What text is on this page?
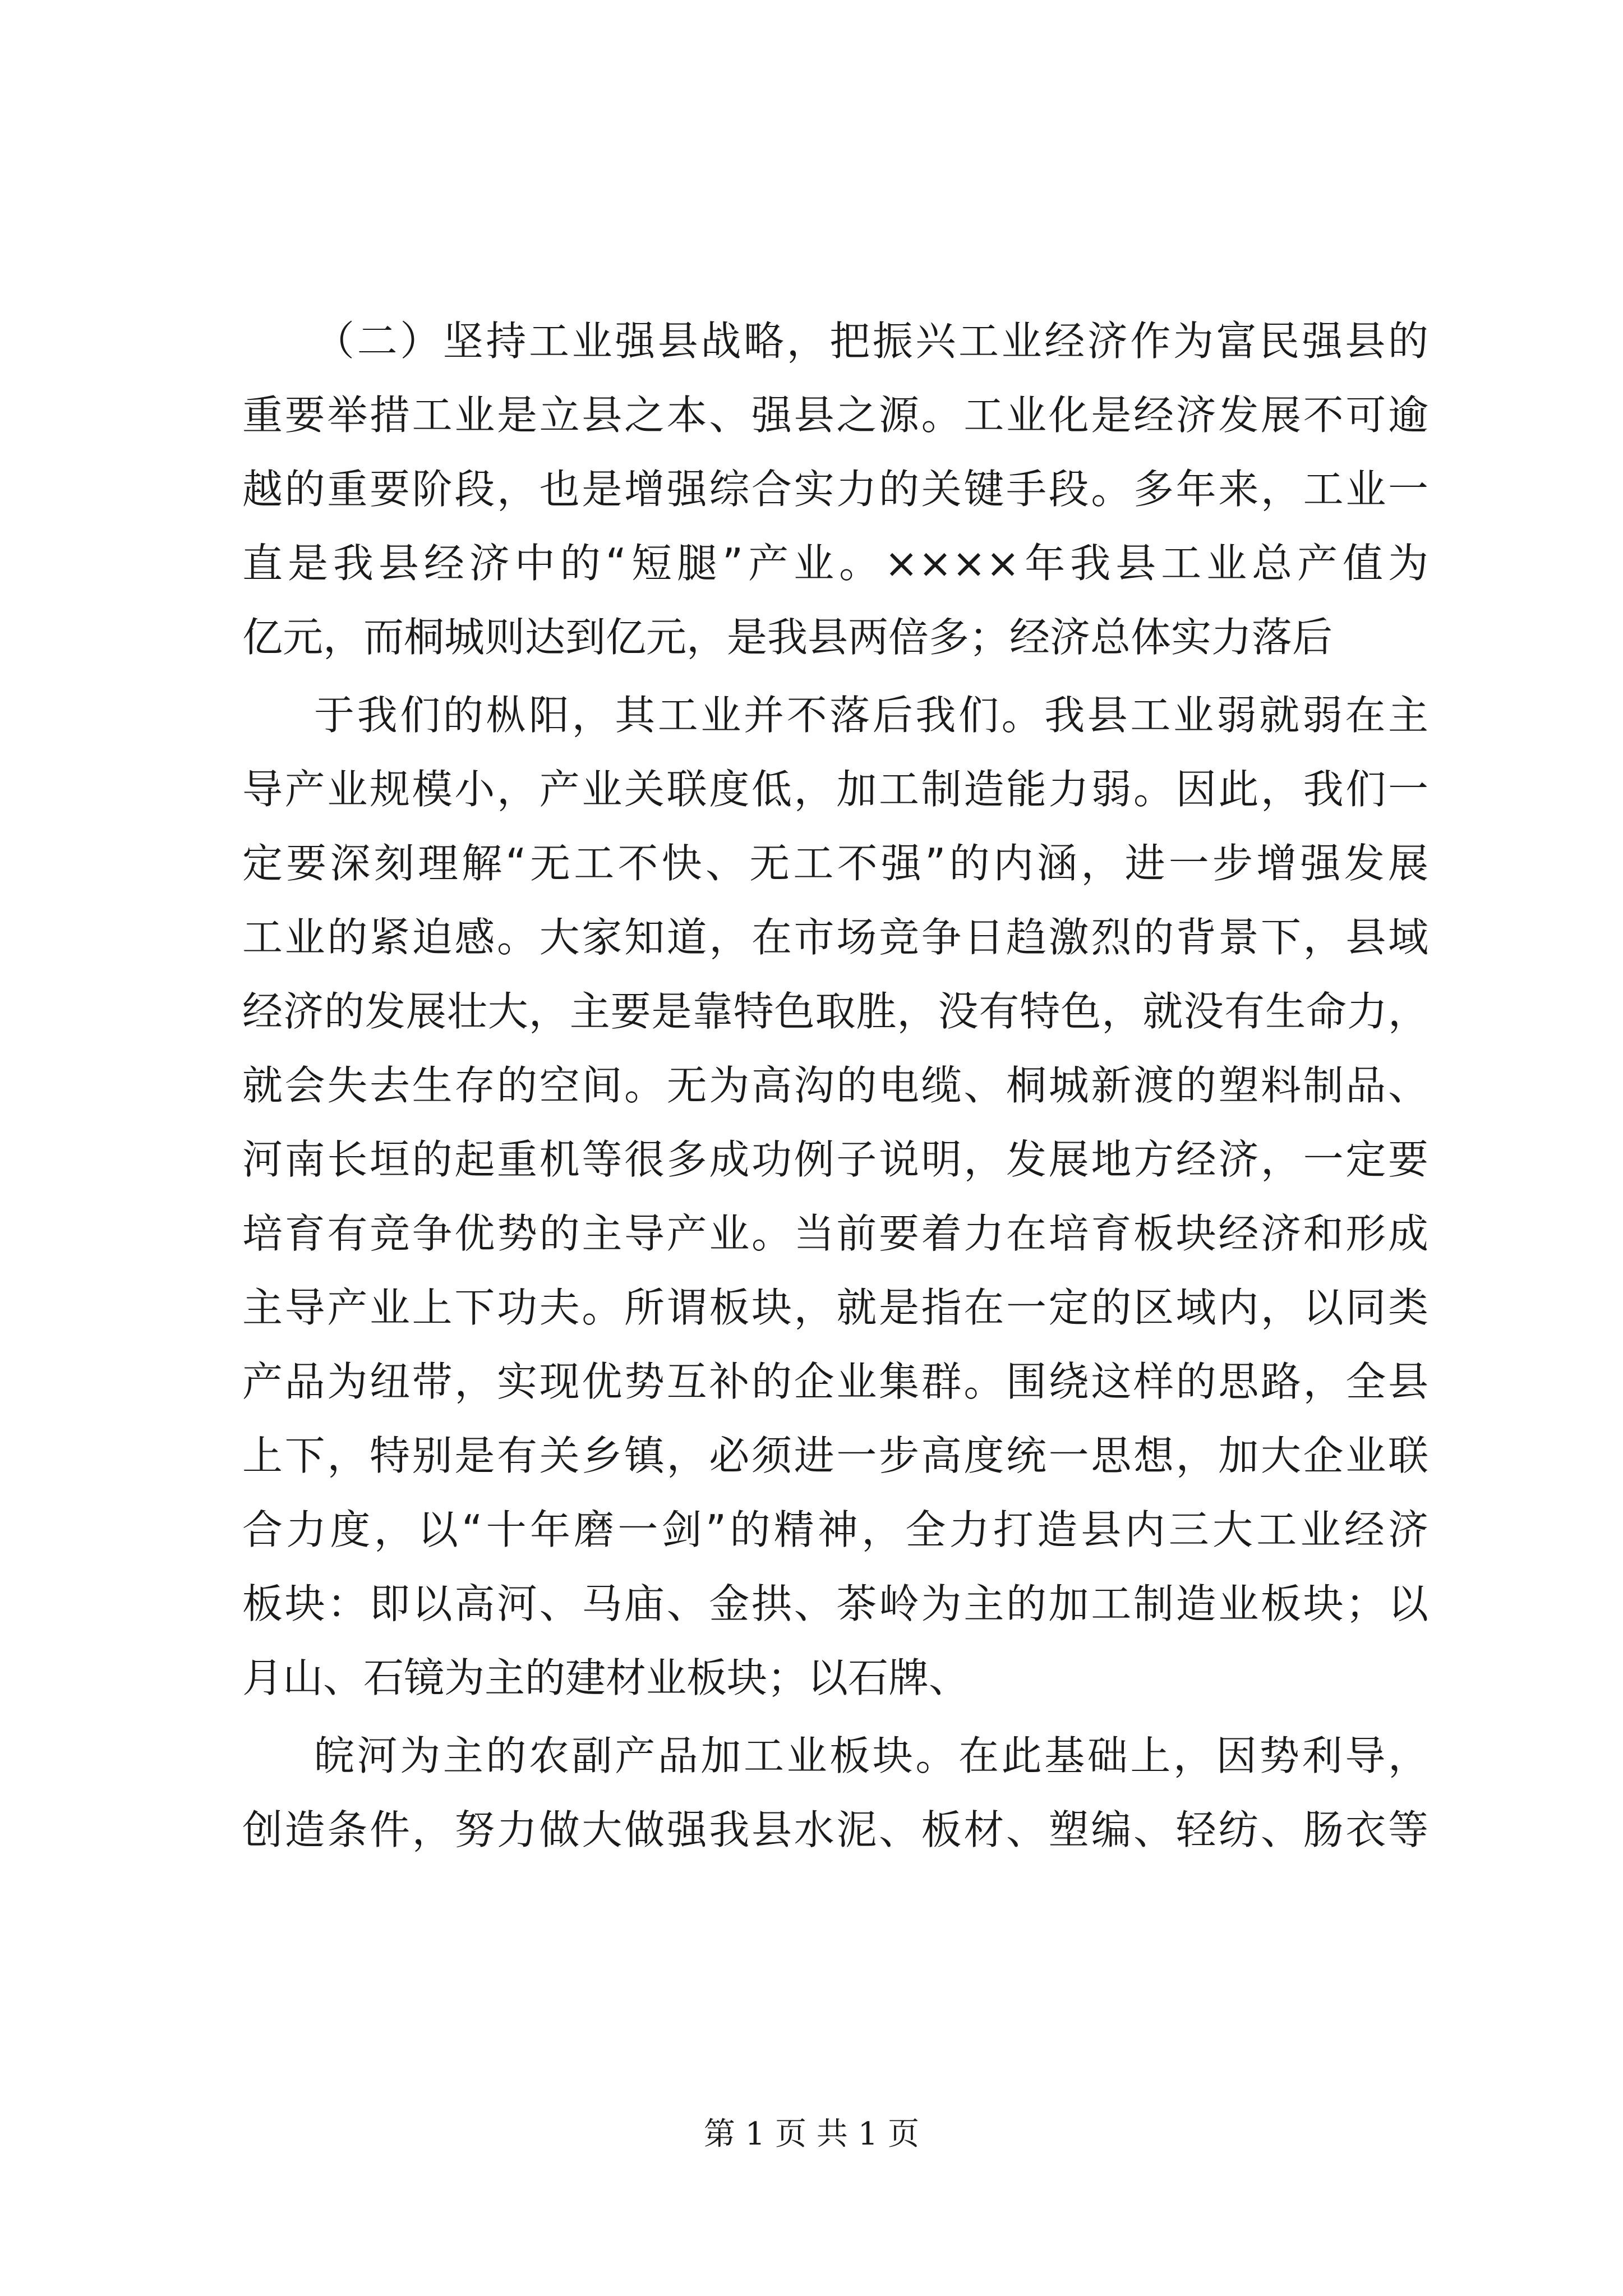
（二）坚持工业强县战略，把振兴工业经济作为富民强县的
重要举措工业是立县之本、强县之源。工业化是经济发展不可逾
越的重要阶段，也是增强综合实力的关键手段。多年来，工业一
直是我县经济中的“短腿”产业。××××年我县工业总产值为
亿元，而桐城则达到亿元，是我县两倍多；经济总体实力落后
于我们的枞阳，其工业并不落后我们。我县工业弱就弱在主
导产业规模小，产业关联度低，加工制造能力弱。因此，我们一
定要深刻理解“无工不快、无工不强”的内涵，进一步增强发展
工业的紧迫感。大家知道，在市场竞争日趋激烈的背景下，县域
经济的发展壮大，主要是靠特色取胜，没有特色，就没有生命力，
就会失去生存的空间。无为高沟的电缆、桐城新渡的塑料制品、
河南长垣的起重机等很多成功例子说明，发展地方经济，一定要
培育有竞争优势的主导产业。当前要着力在培育板块经济和形成
主导产业上下功夫。所谓板块，就是指在一定的区域内，以同类
产品为纽带，实现优势互补的企业集群。围绕这样的思路，全县
上下，特别是有关乡镇，必须进一步高度统一思想，加大企业联
合力度，以“十年磨一剑”的精神，全力打造县内三大工业经济
板块：即以高河、马庙、金拱、茶岭为主的加工制造业板块；以
月山、石镜为主的建材业板块；以石牌、
皖河为主的农副产品加工业板块。在此基础上，因势利导，
创造条件，努力做大做强我县水泥、板材、塑编、轻纺、肠衣等
第 1 页 共 1 页
